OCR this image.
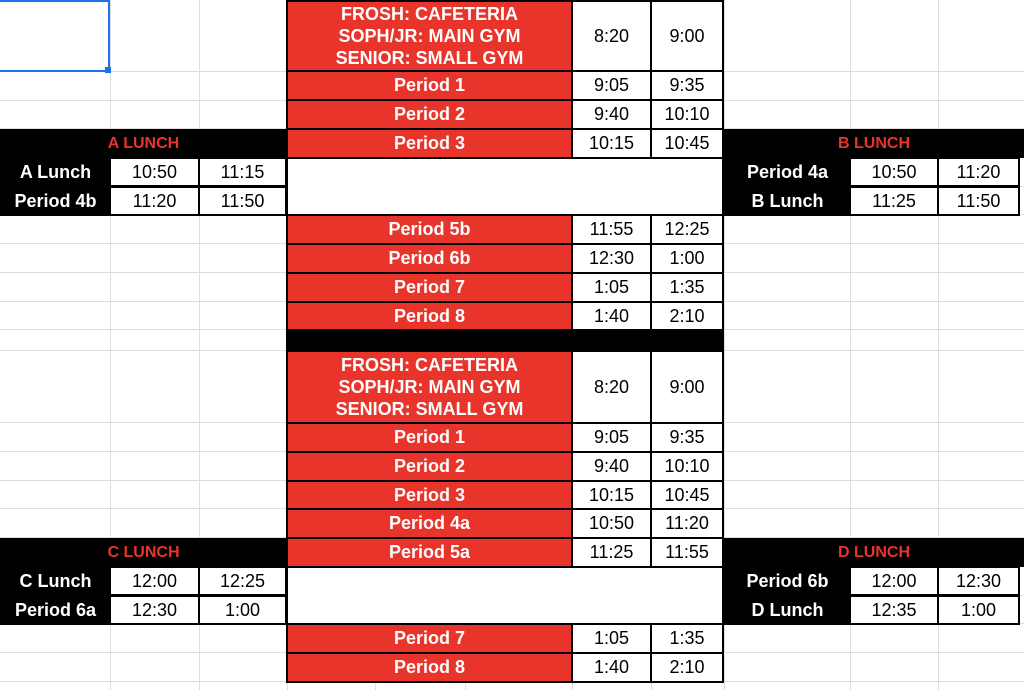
FROSH: CAFETERIA
SOPH/JR: MAIN GYM
SENIOR: SMALL GYM
8:20	9:00
Period 1	9:05	9:35
Period 2	9:40	10:10
Period 3	10:15	10:45
Period 5b	11:55	12:25
Period 6b	12:30	1:00
Period 7	1:05	1:35
Period 8	1:40	2:10
A LUNCH
A Lunch	10:50	11:15
Period 4b	11:20	11:50
B LUNCH
Period 4a	10:50	11:20
B Lunch	11:25	11:50
FROSH: CAFETERIA
SOPH/JR: MAIN GYM
SENIOR: SMALL GYM
8:20	9:00
Period 1	9:05	9:35
Period 2	9:40	10:10
Period 3	10:15	10:45
Period 4a	10:50	11:20
Period 5a	11:25	11:55
Period 7	1:05	1:35
Period 8	1:40	2:10
C LUNCH
C Lunch	12:00	12:25
Period 6a	12:30	1:00
D LUNCH
Period 6b	12:00	12:30
D Lunch	12:35	1:00
